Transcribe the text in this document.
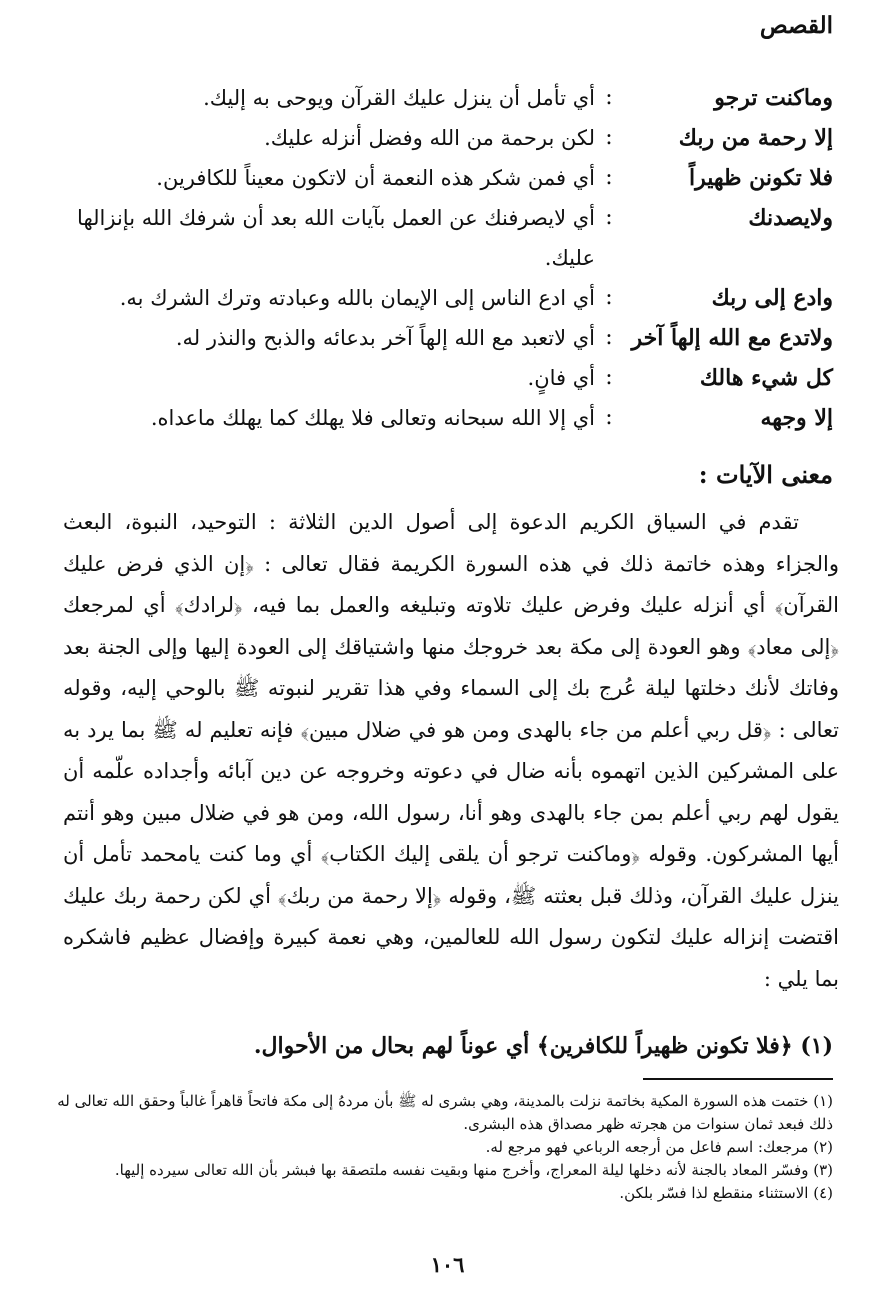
القصص
وماكنت ترجو
:
أي تأمل أن ينزل عليك القرآن ويوحى به إليك.
إلا رحمة من ربك
:
لكن برحمة من الله وفضل أنزله عليك.
فلا تكونن ظهيراً
:
أي فمن شكر هذه النعمة أن لاتكون معيناً للكافرين.
ولايصدنك
:
أي لايصرفنك عن العمل بآيات الله بعد أن شرفك الله بإنزالها عليك.
وادع إلى ربك
:
أي ادع الناس إلى الإيمان بالله وعبادته وترك الشرك به.
ولاتدع مع الله إلهاً آخر
:
أي لاتعبد مع الله إلهاً آخر بدعائه والذبح والنذر له.
كل شيء هالك
:
أي فانٍ.
إلا وجهه
:
أي إلا الله سبحانه وتعالى فلا يهلك كما يهلك ماعداه.
معنى الآيات :
تقدم في السياق الكريم الدعوة إلى أصول الدين الثلاثة : التوحيد، النبوة، البعث والجزاء وهذه خاتمة ذلك في هذه السورة الكريمة فقال تعالى : ﴿إن الذي فرض عليك القرآن﴾ أي أنزله عليك وفرض عليك تلاوته وتبليغه والعمل بما فيه، ﴿لرادك﴾ أي لمرجعك ﴿إلى معاد﴾ وهو العودة إلى مكة بعد خروجك منها واشتياقك إلى العودة إليها وإلى الجنة بعد وفاتك لأنك دخلتها ليلة عُرج بك إلى السماء وفي هذا تقرير لنبوته ﷺ بالوحي إليه، وقوله تعالى : ﴿قل ربي أعلم من جاء بالهدى ومن هو في ضلال مبين﴾ فإنه تعليم له ﷺ بما يرد به على المشركين الذين اتهموه بأنه ضال في دعوته وخروجه عن دين آبائه وأجداده علّمه أن يقول لهم ربي أعلم بمن جاء بالهدى وهو أنا، رسول الله، ومن هو في ضلال مبين وهو أنتم أيها المشركون. وقوله ﴿وماكنت ترجو أن يلقى إليك الكتاب﴾ أي وما كنت يامحمد تأمل أن ينزل عليك القرآن، وذلك قبل بعثته ﷺ، وقوله ﴿إلا رحمة من ربك﴾ أي لكن رحمة ربك عليك اقتضت إنزاله عليك لتكون رسول الله للعالمين، وهي نعمة كبيرة وإفضال عظيم فاشكره بما يلي :
(١) ﴿فلا تكونن ظهيراً للكافرين﴾ أي عوناً لهم بحال من الأحوال.

(١) ختمت هذه السورة المكية بخاتمة نزلت بالمدينة، وهي بشرى له ﷺ بأن مردهُ إلى مكة فاتحاً قاهراً غالباً وحقق الله تعالى له ذلك فبعد ثمان سنوات من هجرته ظهر مصداق هذه البشرى.

(٢) مرجعك: اسم فاعل من أرجعه الرباعي فهو مرجع له.

(٣) وفسّر المعاد بالجنة لأنه دخلها ليلة المعراج، وأخرج منها وبقيت نفسه ملتصقة بها فبشر بأن الله تعالى سيرده إليها.

(٤) الاستثناء منقطع لذا فسّر بلكن.

١٠٦
